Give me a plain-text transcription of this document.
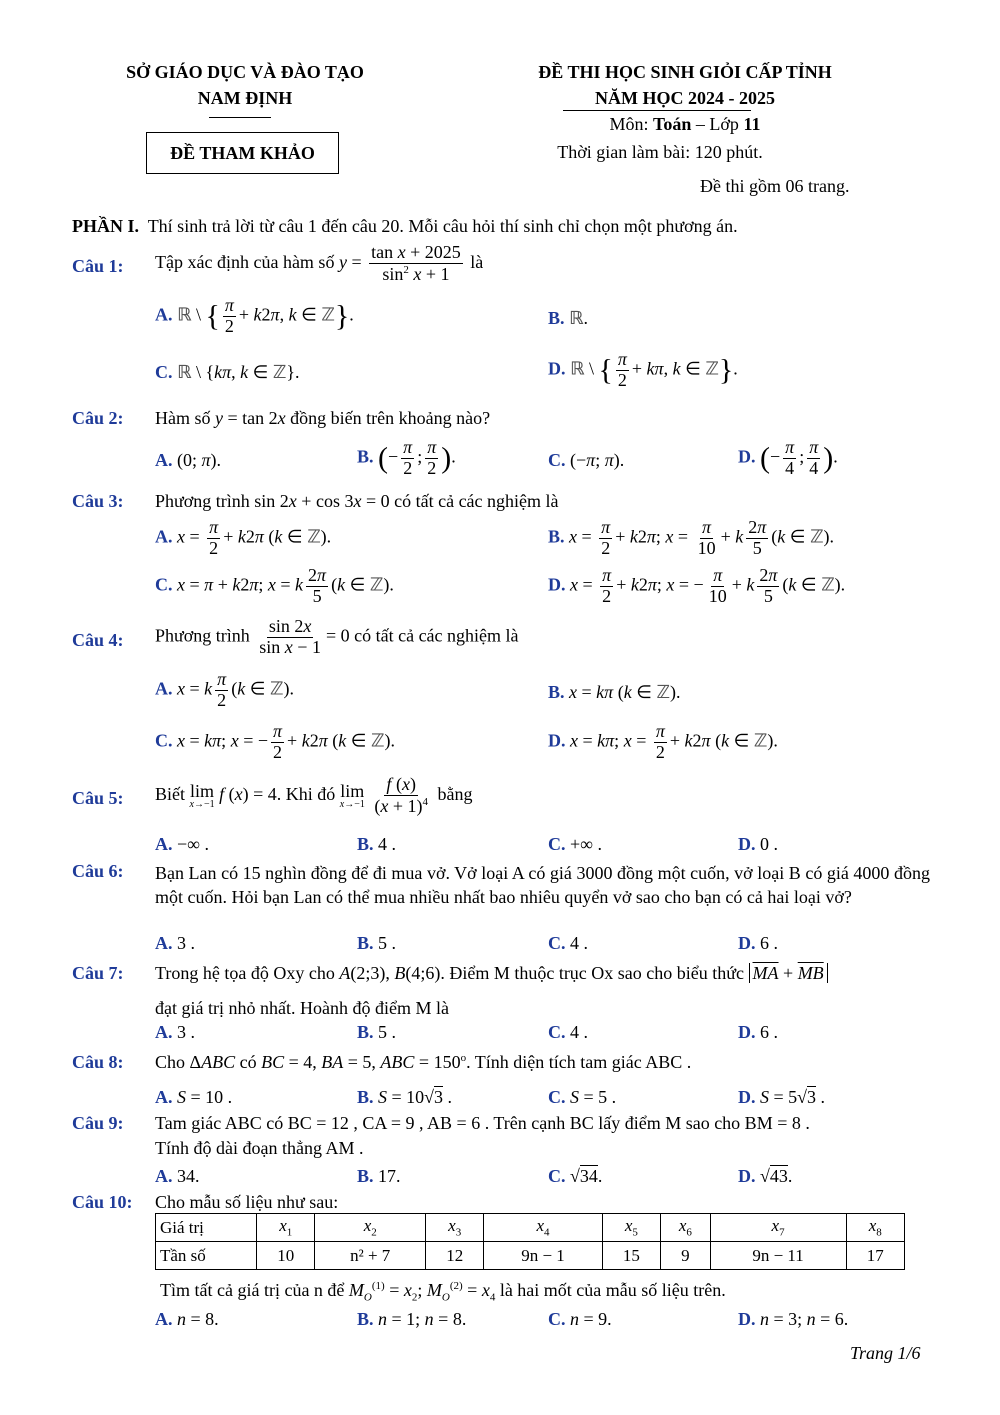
SỞ GIÁO DỤC VÀ ĐÀO TẠO
NAM ĐỊNH
ĐỀ THAM KHẢO
ĐỀ THI HỌC SINH GIỎI CẤP TỈNH
NĂM HỌC 2024 - 2025
Môn: Toán – Lớp 11
Thời gian làm bài: 120 phút.
Đề thi gồm 06 trang.
PHẦN I. Thí sinh trả lời từ câu 1 đến câu 20. Mỗi câu hỏi thí sinh chỉ chọn một phương án.
Câu 1: Tập xác định của hàm số $y = \frac{\text{tan x + 2025}}{\sin^2 x + 1}$ là
A. ℝ \ { $\frac{\pi}{2} + k2\pi$, k ∈ ℤ}.	B. ℝ.
C. ℝ \ {kπ, k ∈ ℤ}.	D. ℝ \ { $\frac{\pi}{2} + k\pi$, k ∈ ℤ}.
Câu 2: Hàm số y = tan 2x đồng biến trên khoảng nào?
A. (0; π).	B. (− $\frac{\pi}{2}$ ; $\frac{\pi}{2}$ ).	C. (−π; π).	D. (− $\frac{\pi}{4}$ ; $\frac{\pi}{4}$ ).
Câu 3: Phương trình sin 2x + cos 3x = 0 có tất cả các nghiệm là
A. $x = \frac{\pi}{2} + k2\pi$ (k ∈ ℤ).	B. $x = \frac{\pi}{2} + k2\pi$; $x = \frac{\pi}{10} + k \frac{2\pi}{5} (k$ ∈ ℤ).
C. x = π + k2π; x = k $\frac{2\pi}{5} (k$ ∈ ℤ).	D. $x = \frac{\pi}{2} + k2\pi$; x = − $\frac{\pi}{10} + k \frac{2\pi}{5} (k$ ∈ ℤ).
Câu 4: Phương trình $\frac{\sin 2x}{\text{sin x − 1}} = 0$ có tất cả các nghiệm là
A. x = k $\frac{\pi}{2} (k$ ∈ ℤ).	B. x = kπ (k ∈ ℤ).
C. x = kπ; x = − $\frac{\pi}{2} + k2\pi$ (k ∈ ℤ).	D. x = kπ; $x = \frac{\pi}{2} + k2\pi$ (k ∈ ℤ).
Câu 5: Biết lim
x→−1
f (x) = 4. Khi đó lim
x→−1
$\frac{f (x)}{(x + 1)^4}$ bằng
A. −∞ .	B. 4 .	C. +∞ .	D. 0 .
Câu 6: Bạn Lan có 15 nghìn đồng để đi mua vở. Vở loại A có giá 3000 đồng một cuốn, vở loại B có giá 4000 đồng một cuốn. Hỏi bạn Lan có thể mua nhiều nhất bao nhiêu quyển vở sao cho bạn có cả hai loại vở?
A. 3 .	B. 5 .	C. 4 .	D. 6 .
Câu 7: Trong hệ tọa độ Oxy cho A(2;3), B(4;6). Điểm M thuộc trục Ox sao cho biểu thức $\overline{MA} + \overline{MB}$
đạt giá trị nhỏ nhất. Hoành độ điểm M là
A. 3 .	B. 5 .	C. 4 .	D. 6 .
Câu 8: Cho ΔABC có BC = 4, BA = 5, ABC = $150^o$. Tính diện tích tam giác ABC .
A. S = 10 .	B. S = 10√3 .	C. S = 5 .	D. S = 5√3 .
Câu 9: Tam giác ABC có BC = 12 , CA = 9 , AB = 6 . Trên cạnh BC lấy điểm M sao cho BM = 8 .
Tính độ dài đoạn thẳng AM .
A. 34.	B. 17.	C. √34.	D. √43.
Câu 10: Cho mẫu số liệu như sau:
Giá trị	$x_1$	$x_2$	$x_3$	$x_4$	$x_5$	$x_6$	$x_7$	$x_8$
Tần số	10	n² + 7	12	9n − 1	15	9	9n − 11	17
Tìm tất cả giá trị của n để $M_O^{(1)} = x_2$; $M_O^{(2)} = x_4$ là hai mốt của mẫu số liệu trên.
A. n = 8.	B. n = 1; n = 8.	C. n = 9.	D. n = 3; n = 6.
Trang 1/6
